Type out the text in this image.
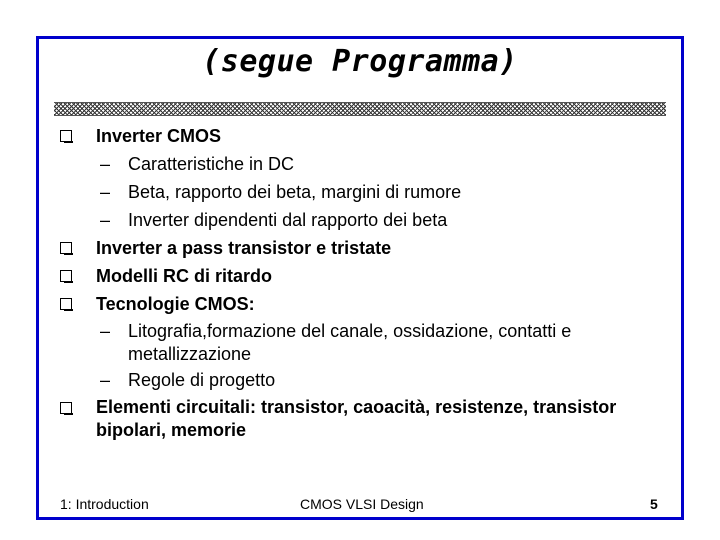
(segue Programma)
Inverter CMOS
– Caratteristiche in DC
– Beta, rapporto dei beta, margini di rumore
– Inverter dipendenti dal rapporto dei beta
Inverter a pass transistor e tristate
Modelli RC di ritardo
Tecnologie CMOS:
– Litografia,formazione del canale, ossidazione, contatti e metallizzazione
– Regole di progetto
Elementi circuitali: transistor, caoacità, resistenze, transistor bipolari, memorie
1: Introduction	CMOS VLSI Design	5
